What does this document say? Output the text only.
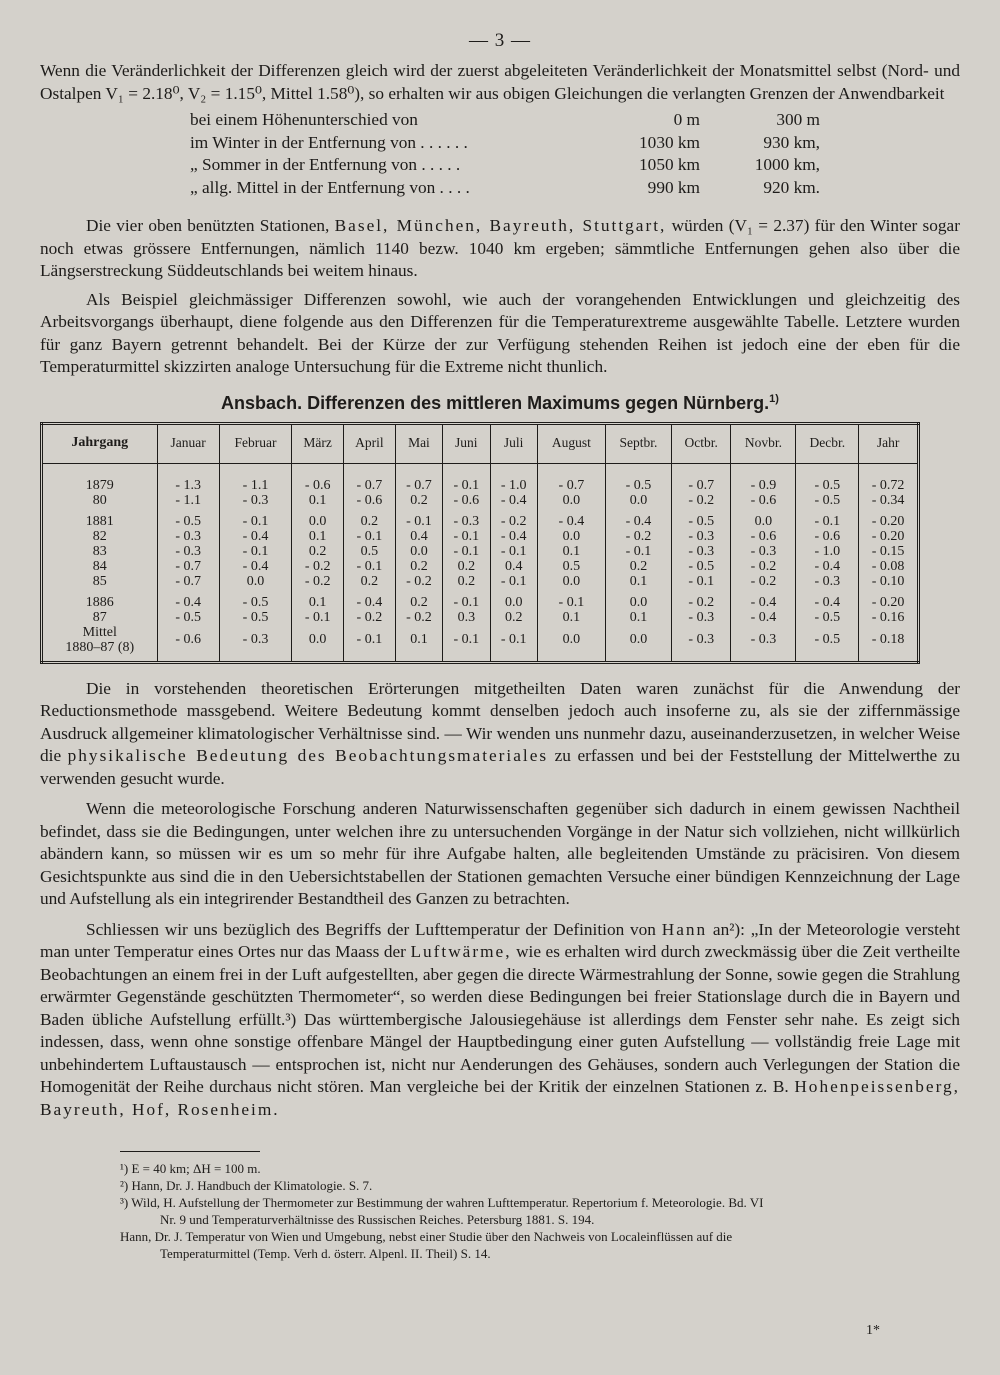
— 3 —

Wenn die Veränderlichkeit der Differenzen gleich wird der zuerst abgeleiteten Veränderlichkeit der Monatsmittel selbst (Nord- und Ostalpen V₁ = 2.18⁰, V₂ = 1.15⁰, Mittel 1.58⁰), so erhalten wir aus obigen Gleichungen die verlangten Grenzen der Anwendbarkeit

bei einem Höhenunterschied von	0 m	300 m
im Winter in der Entfernung von . . . . . .	1030 km	930 km,
„ Sommer in der Entfernung von . . . . .	1050 km	1000 km,
„ allg. Mittel in der Entfernung von . . . .	990 km	920 km.

Die vier oben benützten Stationen, Basel, München, Bayreuth, Stuttgart, würden (V₁ = 2.37) für den Winter sogar noch etwas grössere Entfernungen, nämlich 1140 bezw. 1040 km ergeben; sämmtliche Entfernungen gehen also über die Längserstreckung Süddeutschlands bei weitem hinaus.

Als Beispiel gleichmässiger Differenzen sowohl, wie auch der vorangehenden Entwicklungen und gleichzeitig des Arbeitsvorgangs überhaupt, diene folgende aus den Differenzen für die Temperaturextreme ausgewählte Tabelle. Letztere wurden für ganz Bayern getrennt behandelt. Bei der Kürze der zur Verfügung stehenden Reihen ist jedoch eine der eben für die Temperaturmittel skizzirten analoge Untersuchung für die Extreme nicht thunlich.

Ansbach. Differenzen des mittleren Maximums gegen Nürnberg.$^{1)}$
Jahrgang	Januar	Februar	März	April	Mai	Juni	Juli	August	Septbr.	Octbr.	Novbr.	Decbr.	Jahr
1879	- 1.3	- 1.1	- 0.6	- 0.7	- 0.7	- 0.1	- 1.0	- 0.7	- 0.5	- 0.7	- 0.9	- 0.5	- 0.72
80	- 1.1	- 0.3	0.1	- 0.6	0.2	- 0.6	- 0.4	0.0	0.0	- 0.2	- 0.6	- 0.5	- 0.34

1881	- 0.5	- 0.1	0.0	0.2	- 0.1	- 0.3	- 0.2	- 0.4	- 0.4	- 0.5	0.0	- 0.1	- 0.20
82	- 0.3	- 0.4	0.1	- 0.1	0.4	- 0.1	- 0.4	0.0	- 0.2	- 0.3	- 0.6	- 0.6	- 0.20
83	- 0.3	- 0.1	0.2	0.5	0.0	- 0.1	- 0.1	0.1	- 0.1	- 0.3	- 0.3	- 1.0	- 0.15
84	- 0.7	- 0.4	- 0.2	- 0.1	0.2	0.2	0.4	0.5	0.2	- 0.5	- 0.2	- 0.4	- 0.08
85	- 0.7	0.0	- 0.2	0.2	- 0.2	0.2	- 0.1	0.0	0.1	- 0.1	- 0.2	- 0.3	- 0.10

1886	- 0.4	- 0.5	0.1	- 0.4	0.2	- 0.1	0.0	- 0.1	0.0	- 0.2	- 0.4	- 0.4	- 0.20
87	- 0.5	- 0.5	- 0.1	- 0.2	- 0.2	0.3	0.2	0.1	0.1	- 0.3	- 0.4	- 0.5	- 0.16

Mittel
1880–87 (8)	- 0.6	- 0.3	0.0	- 0.1	0.1	- 0.1	- 0.1	0.0	0.0	- 0.3	- 0.3	- 0.5	- 0.18

Die in vorstehenden theoretischen Erörterungen mitgetheilten Daten waren zunächst für die Anwendung der Reductionsmethode massgebend. Weitere Bedeutung kommt denselben jedoch auch insoferne zu, als sie der ziffernmässige Ausdruck allgemeiner klimatologischer Verhältnisse sind. — Wir wenden uns nunmehr dazu, auseinanderzusetzen, in welcher Weise die physikalische Bedeutung des Beobachtungsmateriales zu erfassen und bei der Feststellung der Mittelwerthe zu verwenden gesucht wurde.

Wenn die meteorologische Forschung anderen Naturwissenschaften gegenüber sich dadurch in einem gewissen Nachtheil befindet, dass sie die Bedingungen, unter welchen ihre zu untersuchenden Vorgänge in der Natur sich vollziehen, nicht willkürlich abändern kann, so müssen wir es um so mehr für ihre Aufgabe halten, alle begleitenden Umstände zu präcisiren. Von diesem Gesichtspunkte aus sind die in den Uebersichtstabellen der Stationen gemachten Versuche einer bündigen Kennzeichnung der Lage und Aufstellung als ein integrirender Bestandtheil des Ganzen zu betrachten.

Schliessen wir uns bezüglich des Begriffs der Lufttemperatur der Definition von Hann an²): „In der Meteorologie versteht man unter Temperatur eines Ortes nur das Maass der Luftwärme, wie es erhalten wird durch zweckmässig über die Zeit vertheilte Beobachtungen an einem frei in der Luft aufgestellten, aber gegen die directe Wärmestrahlung der Sonne, sowie gegen die Strahlung erwärmter Gegenstände geschützten Thermometer“, so werden diese Bedingungen bei freier Stationslage durch die in Bayern und Baden übliche Aufstellung erfüllt.³) Das württembergische Jalousiegehäuse ist allerdings dem Fenster sehr nahe. Es zeigt sich indessen, dass, wenn ohne sonstige offenbare Mängel der Hauptbedingung einer guten Aufstellung — vollständig freie Lage mit unbehindertem Luftaustausch — entsprochen ist, nicht nur Aenderungen des Gehäuses, sondern auch Verlegungen der Station die Homogenität der Reihe durchaus nicht stören. Man vergleiche bei der Kritik der einzelnen Stationen z. B. Hohenpeissenberg, Bayreuth, Hof, Rosenheim.

¹) E = 40 km; ΔH = 100 m.
²) Hann, Dr. J. Handbuch der Klimatologie. S. 7.
³) Wild, H. Aufstellung der Thermometer zur Bestimmung der wahren Lufttemperatur. Repertorium f. Meteorologie. Bd. VI
Nr. 9 und Temperaturverhältnisse des Russischen Reiches. Petersburg 1881. S. 194.
Hann, Dr. J. Temperatur von Wien und Umgebung, nebst einer Studie über den Nachweis von Localeinflüssen auf die
Temperaturmittel (Temp. Verh d. österr. Alpenl. II. Theil) S. 14.
1*
